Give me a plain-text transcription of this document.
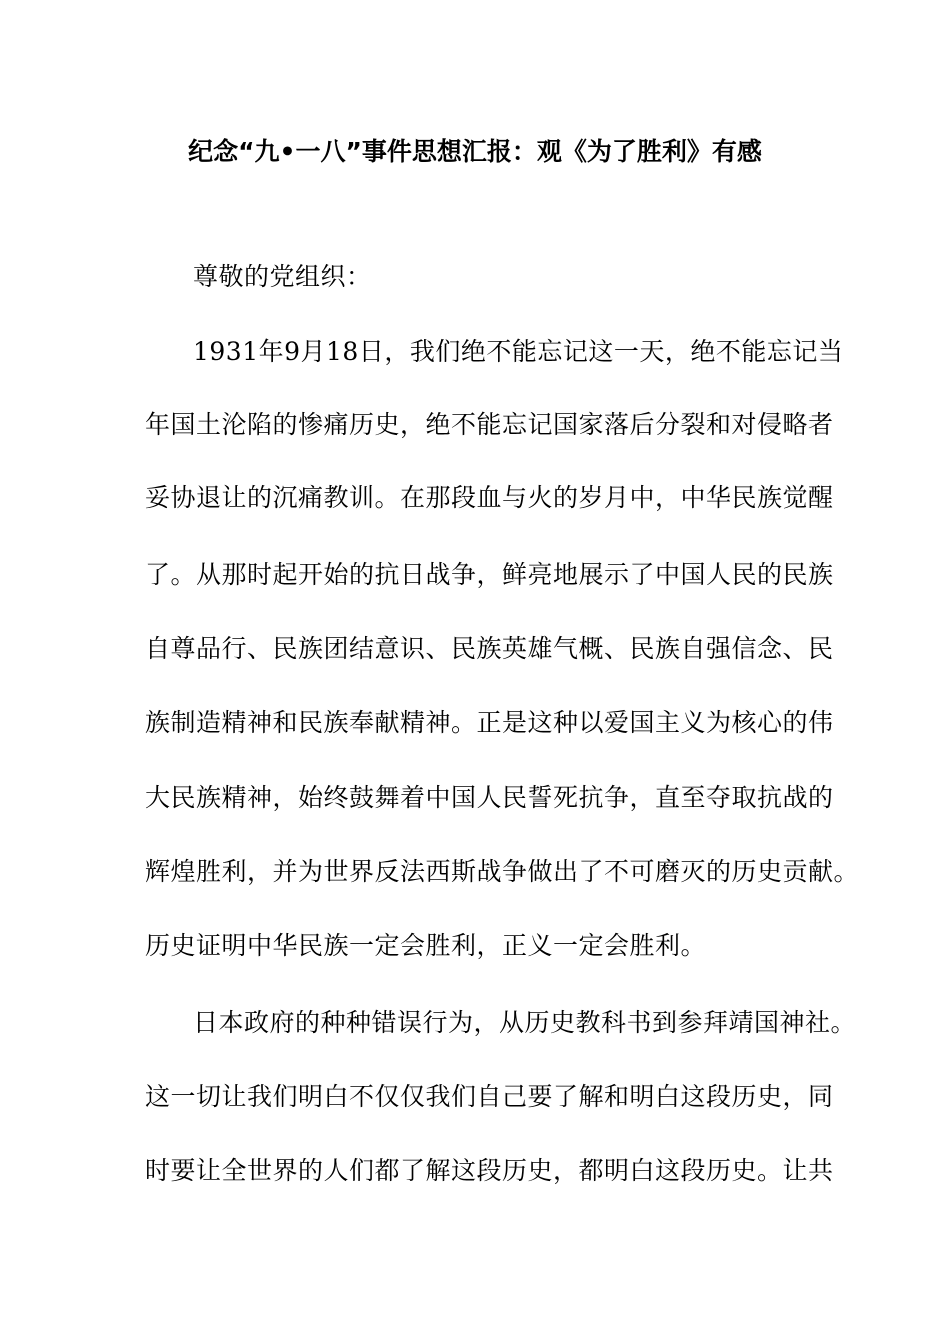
纪念“九•一八”事件思想汇报：观《为了胜利》有感
尊敬的党组织：
1931年9月18日，我们绝不能忘记这一天，绝不能忘记当
年国土沦陷的惨痛历史，绝不能忘记国家落后分裂和对侵略者
妥协退让的沉痛教训。在那段血与火的岁月中，中华民族觉醒
了。从那时起开始的抗日战争，鲜亮地展示了中国人民的民族
自尊品行、民族团结意识、民族英雄气概、民族自强信念、民
族制造精神和民族奉献精神。正是这种以爱国主义为核心的伟
大民族精神，始终鼓舞着中国人民誓死抗争，直至夺取抗战的
辉煌胜利，并为世界反法西斯战争做出了不可磨灭的历史贡献。
历史证明中华民族一定会胜利，正义一定会胜利。
日本政府的种种错误行为，从历史教科书到参拜靖国神社。
这一切让我们明白不仅仅我们自己要了解和明白这段历史，同
时要让全世界的人们都了解这段历史，都明白这段历史。让共
